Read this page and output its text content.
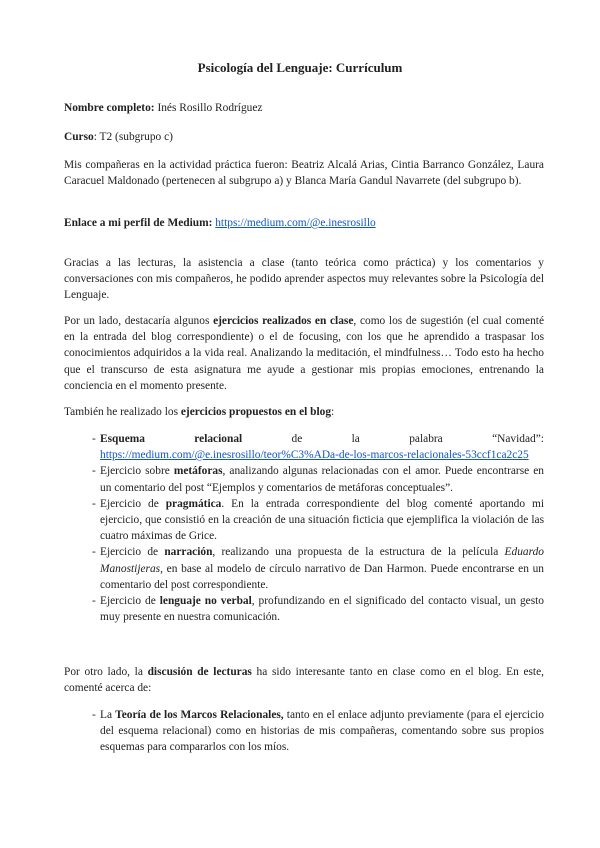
Psicología del Lenguaje: Currículum

Nombre completo: Inés Rosillo Rodríguez

Curso: T2 (subgrupo c)

Mis compañeras en la actividad práctica fueron: Beatriz Alcalá Arias, Cintia Barranco González, Laura Caracuel Maldonado (pertenecen al subgrupo a) y Blanca María Gandul Navarrete (del subgrupo b).

Enlace a mi perfil de Medium: https://medium.com/@e.inesrosillo

Gracias a las lecturas, la asistencia a clase (tanto teórica como práctica) y los comentarios y conversaciones con mis compañeros, he podido aprender aspectos muy relevantes sobre la Psicología del Lenguaje.

Por un lado, destacaría algunos ejercicios realizados en clase, como los de sugestión (el cual comenté en la entrada del blog correspondiente) o el de focusing, con los que he aprendido a traspasar los conocimientos adquiridos a la vida real. Analizando la meditación, el mindfulness… Todo esto ha hecho que el transcurso de esta asignatura me ayude a gestionar mis propias emociones, entrenando la conciencia en el momento presente.

También he realizado los ejercicios propuestos en el blog:

- Esquema	relacional	de	la	palabra	“Navidad”:
https://medium.com/@e.inesrosillo/teor%C3%ADa-de-los-marcos-relacionales-53ccf1ca2c25
- Ejercicio sobre metáforas, analizando algunas relacionadas con el amor. Puede encontrarse en un comentario del post “Ejemplos y comentarios de metáforas conceptuales”.
- Ejercicio de pragmática. En la entrada correspondiente del blog comenté aportando mi ejercicio, que consistió en la creación de una situación ficticia que ejemplifica la violación de las cuatro máximas de Grice.
- Ejercicio de narración, realizando una propuesta de la estructura de la película Eduardo Manostijeras, en base al modelo de círculo narrativo de Dan Harmon. Puede encontrarse en un comentario del post correspondiente.
- Ejercicio de lenguaje no verbal, profundizando en el significado del contacto visual, un gesto muy presente en nuestra comunicación.

Por otro lado, la discusión de lecturas ha sido interesante tanto en clase como en el blog. En este, comenté acerca de:

- La Teoría de los Marcos Relacionales, tanto en el enlace adjunto previamente (para el ejercicio del esquema relacional) como en historias de mis compañeras, comentando sobre sus propios esquemas para compararlos con los míos.
